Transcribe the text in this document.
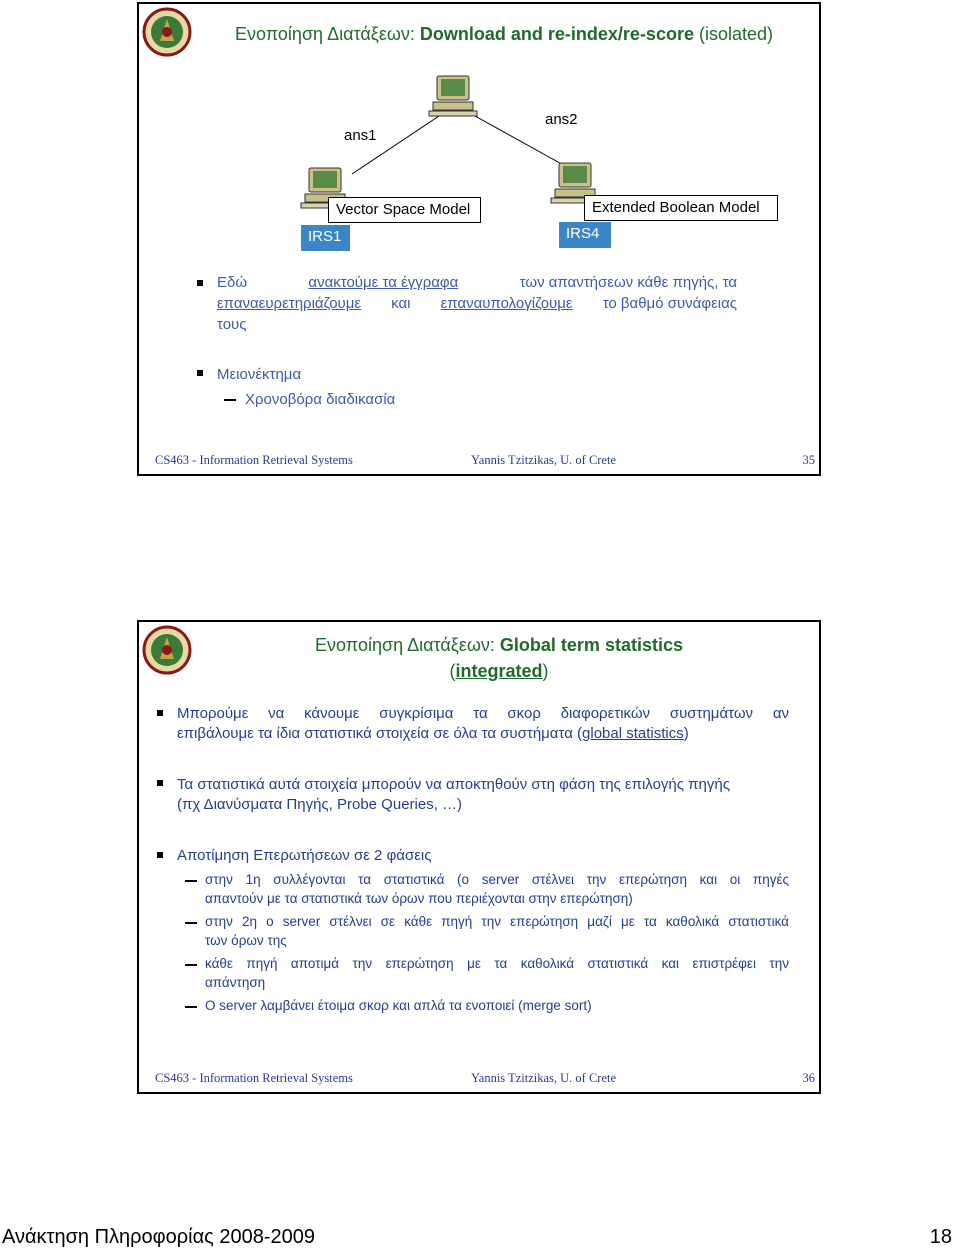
Ενοποίηση Διατάξεων: Download and re-index/re-score (isolated)
ans1
ans2
IRS1
Vector Space Model
IRS4
Extended Boolean Model
Εδώ	ανακτούμε τα έγγραφα	των απαντήσεων κάθε πηγής, τα
επαναευρετηριάζουμε και επαναυπολογίζουμε το βαθμό συνάφειας
τους
Μειονέκτημα
Χρονοβόρα διαδικασία
CS463 - Information Retrieval Systems	Yannis Tzitzikas, U. of Crete	35
Ενοποίηση Διατάξεων: Global term statistics
(integrated)
Μπορούμε να κάνουμε συγκρίσιμα τα σκορ διαφορετικών συστημάτων αν
επιβάλουμε τα ίδια στατιστικά στοιχεία σε όλα τα συστήματα (global statistics)
Τα στατιστικά αυτά στοιχεία μπορούν να αποκτηθούν στη φάση της επιλογής πηγής
(πχ Διανύσματα Πηγής, Probe Queries, …)
Αποτίμηση Επερωτήσεων σε 2 φάσεις
στην 1η συλλέγονται τα στατιστικά (ο server στέλνει την επερώτηση και οι πηγές
απαντούν με τα στατιστικά των όρων που περιέχονται στην επερώτηση)
στην 2η ο server στέλνει σε κάθε πηγή την επερώτηση μαζί με τα καθολικά στατιστικά
των όρων της
κάθε πηγή αποτιμά την επερώτηση με τα καθολικά στατιστικά και επιστρέφει την
απάντηση
Ο server λαμβάνει έτοιμα σκορ και απλά τα ενοποιεί (merge sort)
CS463 - Information Retrieval Systems	Yannis Tzitzikas, U. of Crete	36
Ανάκτηση Πληροφορίας 2008-2009	18
